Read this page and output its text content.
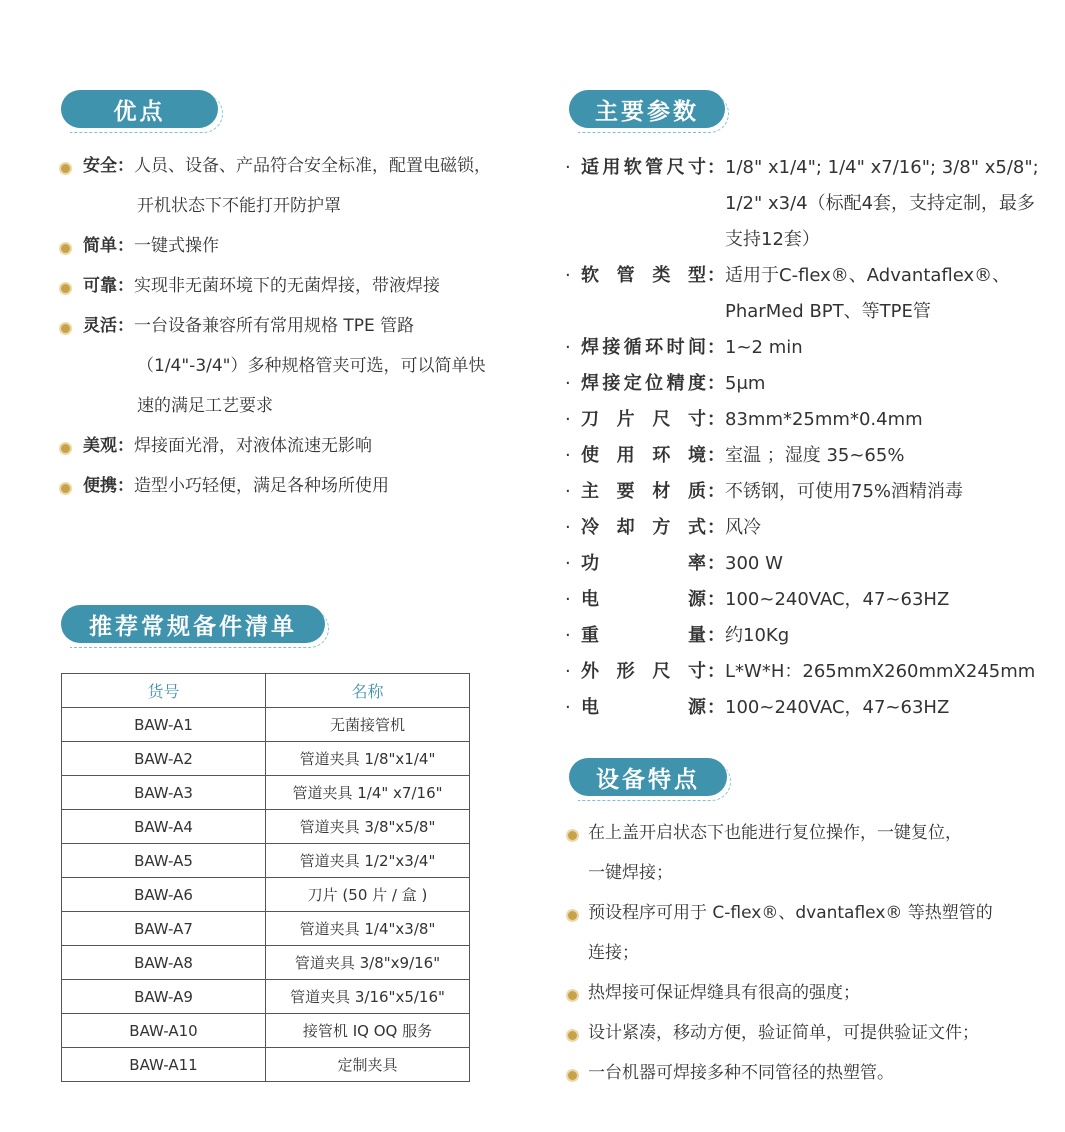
优点	主要参数
推荐常规备件清单
设备特点
安全：人员、设备、产品符合安全标准，配置电磁锁，
开机状态下不能打开防护罩
简单：一键式操作
可靠：实现非无菌环境下的无菌焊接，带液焊接
灵活：一台设备兼容所有常用规格 TPE 管路
（1/4"-3/4"）多种规格管夹可选，可以简单快
速的满足工艺要求
美观：焊接面光滑，对液体流速无影响
便携：造型小巧轻便，满足各种场所使用
· 适 用 软 管 尺 寸 ： 1/8" x1/4"; 1/4" x7/16"; 3/8" x5/8";
1/2" x3/4（标配4套，支持定制，最多
支持12套）
· 软 管 类 型 ： 适用于C-flex®、Advantaflex®、
PharMed BPT、等TPE管
· 焊 接 循 环 时 间 ： 1~2 min
· 焊 接 定 位 精 度 ： 5μm
· 刀 片 尺 寸 ： 83mm*25mm*0.4mm
· 使 用 环 境 ： 室温 ；湿度 35~65%
· 主 要 材 质 ： 不锈钢，可使用75%酒精消毒
· 冷 却 方 式 ： 风冷
· 功	率 ： 300 W
· 电	源 ： 100~240VAC，47~63HZ
· 重	量 ： 约10Kg
· 外 形 尺 寸 ： L*W*H：265mmX260mmX245mm
· 电	源 ： 100~240VAC，47~63HZ
货号	名称
BAW-A1	无菌接管机
BAW-A2	管道夹具 1/8"x1/4"
BAW-A3	管道夹具 1/4" x7/16"
BAW-A4	管道夹具 3/8"x5/8"
BAW-A5	管道夹具 1/2"x3/4"
BAW-A6	刀片 (50 片 / 盒 )
BAW-A7	管道夹具 1/4"x3/8"
BAW-A8	管道夹具 3/8"x9/16"
BAW-A9	管道夹具 3/16"x5/16"
BAW-A10	接管机 IQ OQ 服务
BAW-A11	定制夹具
在上盖开启状态下也能进行复位操作，一键复位，
一键焊接；
预设程序可用于 C-flex®、dvantaflex® 等热塑管的
连接；
热焊接可保证焊缝具有很高的强度；
设计紧凑，移动方便，验证简单，可提供验证文件；
一台机器可焊接多种不同管径的热塑管。
